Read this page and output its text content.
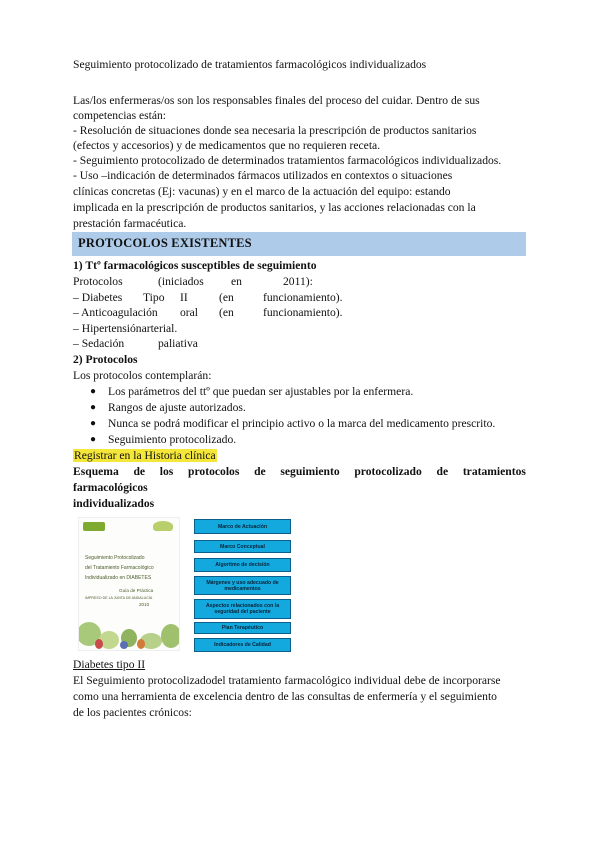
Seguimiento protocolizado de tratamientos farmacológicos individualizados
Las/los enfermeras/os son los responsables finales del proceso del cuidar. Dentro de sus
competencias están:
- Resolución de situaciones donde sea necesaria la prescripción de productos sanitarios
(efectos y accesorios) y de medicamentos que no requieren receta.
- Seguimiento protocolizado de determinados tratamientos farmacológicos individualizados.
- Uso –indicación de determinados fármacos utilizados en contextos o situaciones
clínicas concretas (Ej: vacunas) y en el marco de la actuación del equipo: estando
implicada en la prescripción de productos sanitarios, y las acciones relacionadas con la
prestación farmacéutica.
PROTOCOLOS EXISTENTES
1) Ttº farmacológicos susceptibles de seguimiento
Protocolos	(iniciados en	2011):
– Diabetes Tipo II	(en	funcionamiento).
– Anticoagulación oral (en	funcionamiento).
– Hipertensiónarterial.
– Sedación	paliativa
2) Protocolos
Los protocolos contemplarán:
● Los parámetros del ttº que puedan ser ajustables por la enfermera.
● Rangos de ajuste autorizados.
● Nunca se podrá modificar el principio activo o la marca del medicamento prescrito.
● Seguimiento protocolizado.
Registrar en la Historia clínica
Esquema de los protocolos de seguimiento protocolizado de tratamientos
farmacológicos
individualizados
Seguimiento Protocolizado
del Tratamiento Farmacológico
Individualizado en DIABETES
Guía de Práctica
IMPRESO DE LA JUNTA DE ANDALUCÍA
2010
Marco de Actuación
Marco Conceptual
Algoritmo de decisión
Márgenes y uso adecuado de medicamentos
Aspectos relacionados con la seguridad del paciente
Plan Terapéutico
Indicadores de Calidad
Diabetes tipo II
El Seguimiento protocolizadodel tratamiento farmacológico individual debe de incorporarse
como una herramienta de excelencia dentro de las consultas de enfermería y el seguimiento
de los pacientes crónicos:
